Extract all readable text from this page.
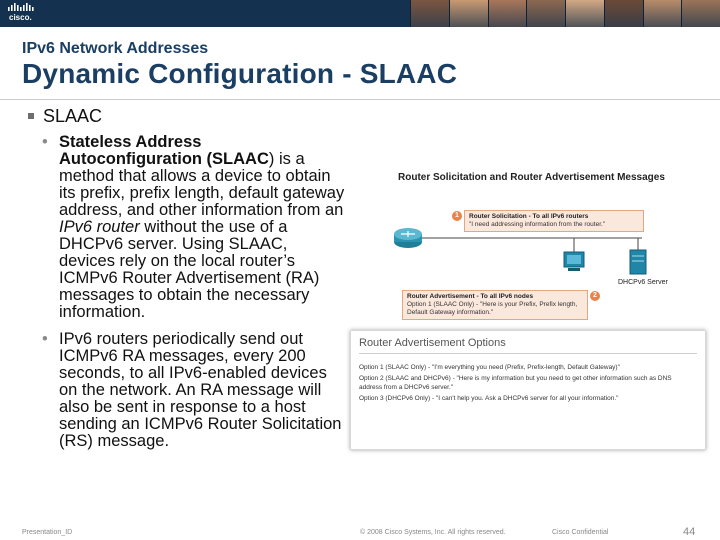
cisco.
IPv6 Network Addresses
Dynamic Configuration - SLAAC
SLAAC
• Stateless Address Autoconfiguration (SLAAC) is a method that allows a device to obtain its prefix, prefix length, default gateway address, and other information from an IPv6 router without the use of a DHCPv6 server. Using SLAAC, devices rely on the local router’s ICMPv6 Router Advertisement (RA) messages to obtain the necessary information.
• IPv6 routers periodically send out ICMPv6 RA messages, every 200 seconds, to all IPv6-enabled devices on the network. An RA message will also be sent in response to a host sending an ICMPv6 Router Solicitation (RS) message.
Router Solicitation and Router Advertisement Messages
Router Solicitation - To all IPv6 routers
"I need addressing information from the router."
1
DHCPv6 Server
Router Advertisement - To all IPv6 nodes
Option 1 (SLAAC Only) - "Here is your Prefix, Prefix length, Default Gateway information."
2
Router Advertisement Options
Option 1 (SLAAC Only) - "I'm everything you need (Prefix, Prefix-length, Default Gateway)"
Option 2 (SLAAC and DHCPv6) - "Here is my information but you need to get other information such as DNS address from a DHCPv6 server."
Option 3 (DHCPv6 Only) - "I can't help you. Ask a DHCPv6 server for all your information."
Presentation_ID	© 2008 Cisco Systems, Inc. All rights reserved.	Cisco Confidential	44
